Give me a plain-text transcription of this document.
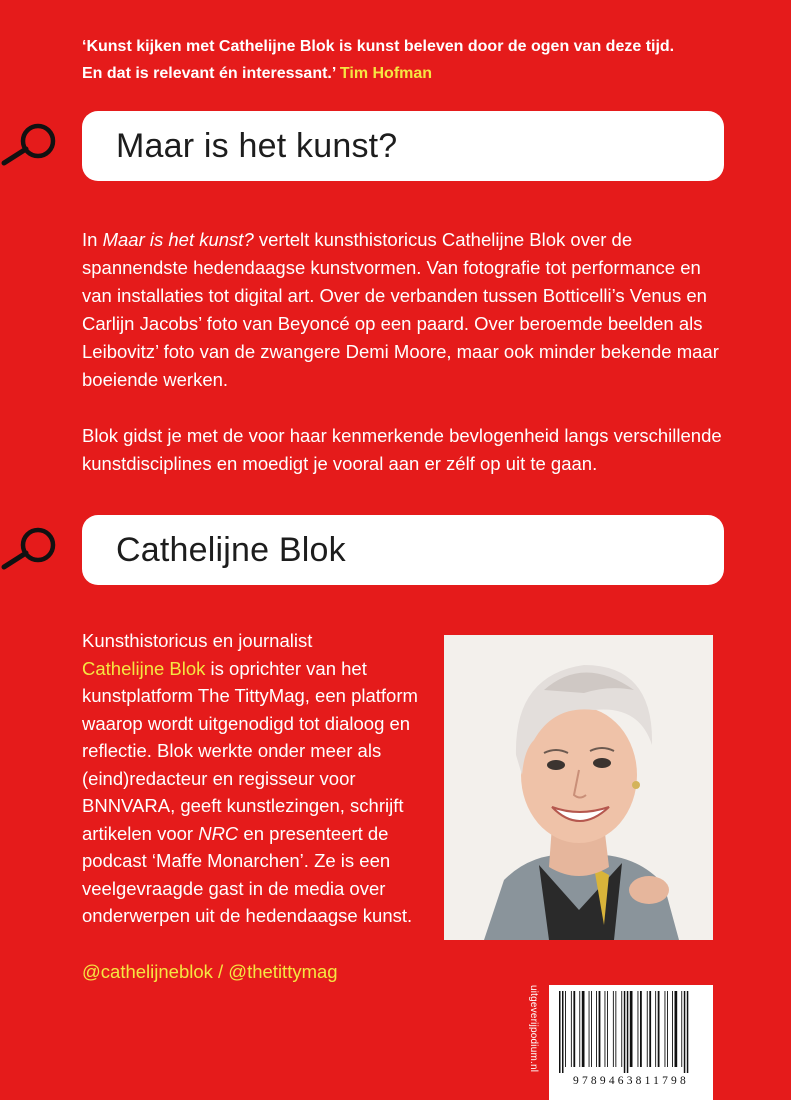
‘Kunst kijken met Cathelijne Blok is kunst beleven door de ogen van deze tijd.
En dat is relevant én interessant.’ Tim Hofman
Maar is het kunst?

In Maar is het kunst? vertelt kunsthistoricus Cathelijne Blok over de spannendste hedendaagse kunstvormen. Van fotografie tot performance en van installaties tot digital art. Over de verbanden tussen Botticelli’s Venus en Carlijn Jacobs’ foto van Beyoncé op een paard. Over beroemde beelden als Leibovitz’ foto van de zwangere Demi Moore, maar ook minder bekende maar boeiende werken.

Blok gidst je met de voor haar kenmerkende bevlogenheid langs verschillende kunstdisciplines en moedigt je vooral aan er zélf op uit te gaan.

Cathelijne Blok
Kunsthistoricus en journalist
Cathelijne Blok is oprichter van het kunstplatform The TittyMag, een platform waarop wordt uitgenodigd tot dialoog en reflectie. Blok werkte onder meer als (eind)redacteur en regisseur voor BNNVARA, geeft kunstlezingen, schrijft artikelen voor NRC en presenteert de podcast ‘Maffe Monarchen’. Ze is een veelgevraagde gast in de media over onderwerpen uit de hedendaagse kunst.
@cathelijneblok / @thetittymag
uitgeverijpodium.nl
9789463811798
